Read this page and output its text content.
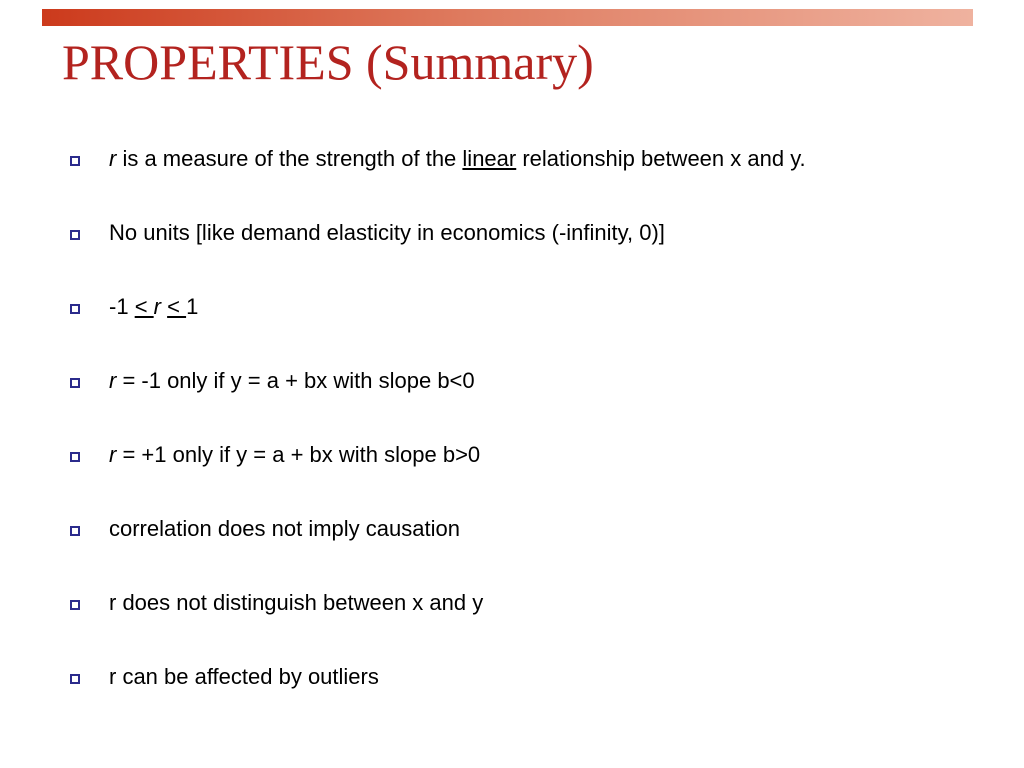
PROPERTIES (Summary)
r is a measure of the strength of the linear relationship between x and y.
No units [like demand elasticity in economics (-infinity, 0)]
-1 < r < 1
r = -1 only if y = a + bx with slope b<0
r = +1 only if y = a + bx with slope b>0
correlation does not imply causation
r does not distinguish between x and y
r can be affected by outliers
